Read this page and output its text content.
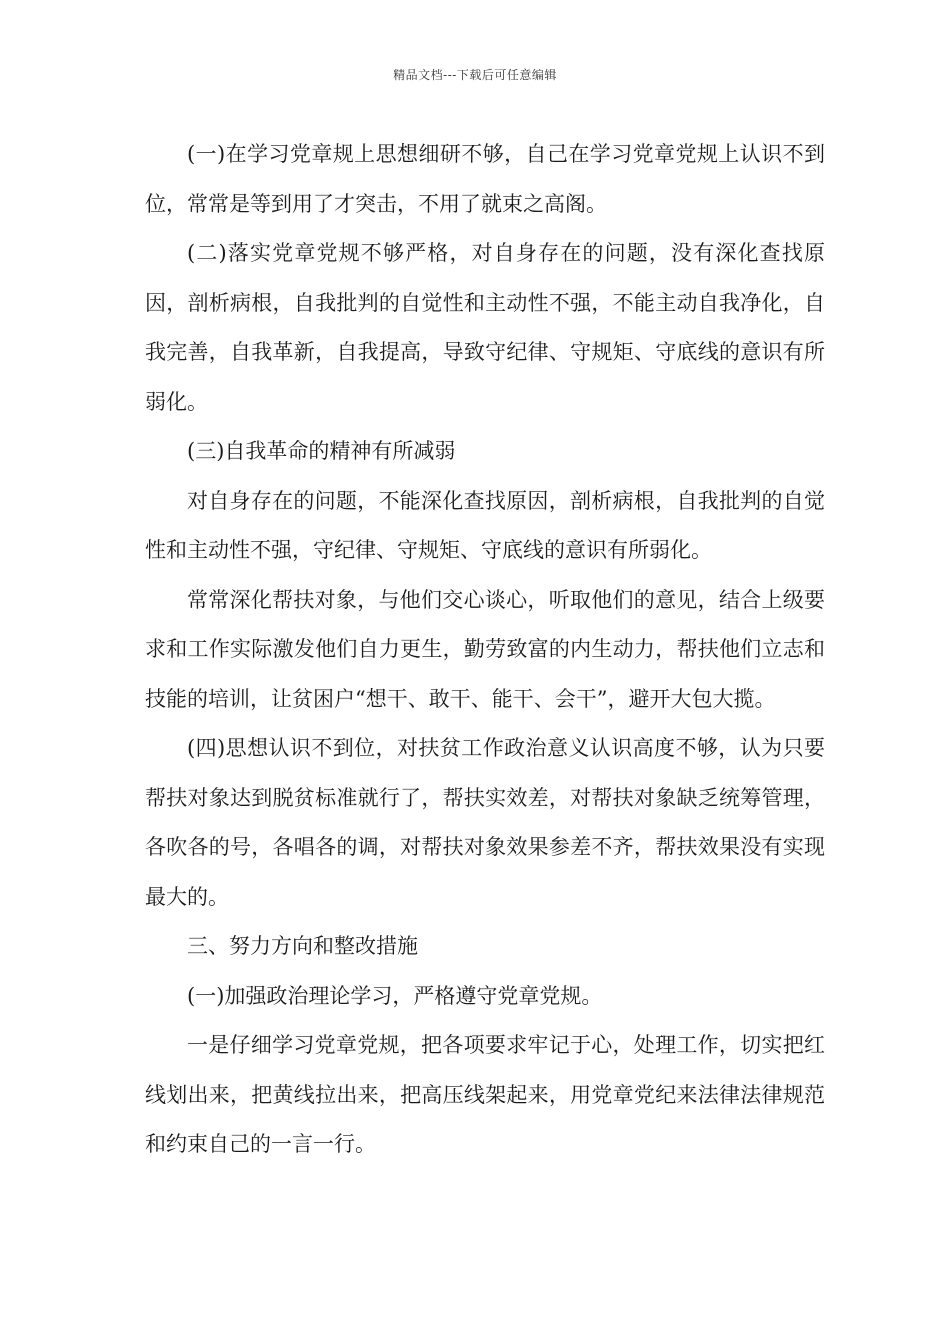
精品文档---下载后可任意编辑

(一)在学习党章规上思想细研不够，自己在学习党章党规上认识不到位，常常是等到用了才突击，不用了就束之高阁。

(二)落实党章党规不够严格，对自身存在的问题，没有深化查找原因，剖析病根，自我批判的自觉性和主动性不强，不能主动自我净化，自我完善，自我革新，自我提高，导致守纪律、守规矩、守底线的意识有所弱化。

(三)自我革命的精神有所减弱

对自身存在的问题，不能深化查找原因，剖析病根，自我批判的自觉性和主动性不强，守纪律、守规矩、守底线的意识有所弱化。

常常深化帮扶对象，与他们交心谈心，听取他们的意见，结合上级要求和工作实际激发他们自力更生，勤劳致富的内生动力，帮扶他们立志和技能的培训，让贫困户“想干、敢干、能干、会干”，避开大包大揽。

(四)思想认识不到位，对扶贫工作政治意义认识高度不够，认为只要帮扶对象达到脱贫标准就行了，帮扶实效差，对帮扶对象缺乏统筹管理，各吹各的号，各唱各的调，对帮扶对象效果参差不齐，帮扶效果没有实现最大的。

三、努力方向和整改措施

(一)加强政治理论学习，严格遵守党章党规。

一是仔细学习党章党规，把各项要求牢记于心，处理工作，切实把红线划出来，把黄线拉出来，把高压线架起来，用党章党纪来法律法律规范和约束自己的一言一行。
